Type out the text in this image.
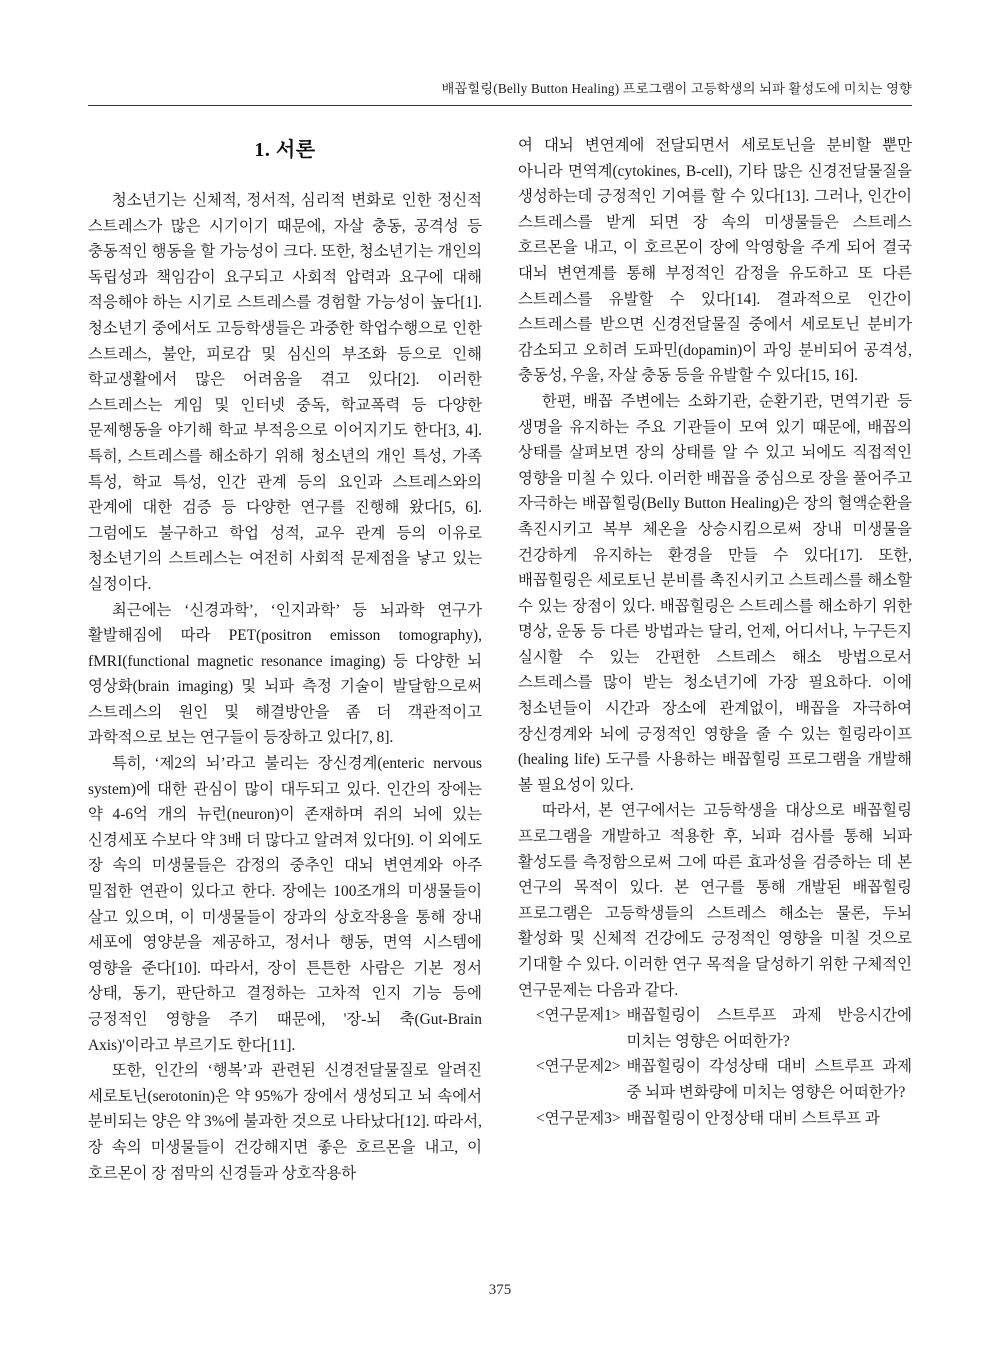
배꼽힐링(Belly Button Healing) 프로그램이 고등학생의 뇌파 활성도에 미치는 영향
1. 서론

청소년기는 신체적, 정서적, 심리적 변화로 인한 정신적 스트레스가 많은 시기이기 때문에, 자살 충동, 공격성 등 충동적인 행동을 할 가능성이 크다. 또한, 청소년기는 개인의 독립성과 책임감이 요구되고 사회적 압력과 요구에 대해 적응해야 하는 시기로 스트레스를 경험할 가능성이 높다[1]. 청소년기 중에서도 고등학생들은 과중한 학업수행으로 인한 스트레스, 불안, 피로감 및 심신의 부조화 등으로 인해 학교생활에서 많은 어려움을 겪고 있다[2]. 이러한 스트레스는 게임 및 인터넷 중독, 학교폭력 등 다양한 문제행동을 야기해 학교 부적응으로 이어지기도 한다[3, 4]. 특히, 스트레스를 해소하기 위해 청소년의 개인 특성, 가족 특성, 학교 특성, 인간 관계 등의 요인과 스트레스와의 관계에 대한 검증 등 다양한 연구를 진행해 왔다[5, 6]. 그럼에도 불구하고 학업 성적, 교우 관계 등의 이유로 청소년기의 스트레스는 여전히 사회적 문제점을 낳고 있는 실정이다.

최근에는 ‘신경과학’, ‘인지과학’ 등 뇌과학 연구가 활발해짐에 따라 PET(positron emisson tomography), fMRI(functional magnetic resonance imaging) 등 다양한 뇌 영상화(brain imaging) 및 뇌파 측정 기술이 발달함으로써 스트레스의 원인 및 해결방안을 좀 더 객관적이고 과학적으로 보는 연구들이 등장하고 있다[7, 8].

특히, ‘제2의 뇌’라고 불리는 장신경계(enteric nervous system)에 대한 관심이 많이 대두되고 있다. 인간의 장에는 약 4-6억 개의 뉴런(neuron)이 존재하며 쥐의 뇌에 있는 신경세포 수보다 약 3배 더 많다고 알려져 있다[9]. 이 외에도 장 속의 미생물들은 감정의 중추인 대뇌 변연계와 아주 밀접한 연관이 있다고 한다. 장에는 100조개의 미생물들이 살고 있으며, 이 미생물들이 장과의 상호작용을 통해 장내 세포에 영양분을 제공하고, 정서나 행동, 면역 시스템에 영향을 준다[10]. 따라서, 장이 튼튼한 사람은 기본 정서 상태, 동기, 판단하고 결정하는 고차적 인지 기능 등에 긍정적인 영향을 주기 때문에, '장-뇌 축(Gut-Brain Axis)'이라고 부르기도 한다[11].

또한, 인간의 ‘행복’과 관련된 신경전달물질로 알려진 세로토닌(serotonin)은 약 95%가 장에서 생성되고 뇌 속에서 분비되는 양은 약 3%에 불과한 것으로 나타났다[12]. 따라서, 장 속의 미생물들이 건강해지면 좋은 호르몬을 내고, 이 호르몬이 장 점막의 신경들과 상호작용하

여 대뇌 변연계에 전달되면서 세로토닌을 분비할 뿐만 아니라 면역계(cytokines, B-cell), 기타 많은 신경전달물질을 생성하는데 긍정적인 기여를 할 수 있다[13]. 그러나, 인간이 스트레스를 받게 되면 장 속의 미생물들은 스트레스 호르몬을 내고, 이 호르몬이 장에 악영항을 주게 되어 결국 대뇌 변연계를 통해 부정적인 감정을 유도하고 또 다른 스트레스를 유발할 수 있다[14]. 결과적으로 인간이 스트레스를 받으면 신경전달물질 중에서 세로토닌 분비가 감소되고 오히려 도파민(dopamin)이 과잉 분비되어 공격성, 충동성, 우울, 자살 충동 등을 유발할 수 있다[15, 16].

한편, 배꼽 주변에는 소화기관, 순환기관, 면역기관 등 생명을 유지하는 주요 기관들이 모여 있기 때문에, 배꼽의 상태를 살펴보면 장의 상태를 알 수 있고 뇌에도 직접적인 영향을 미칠 수 있다. 이러한 배꼽을 중심으로 장을 풀어주고 자극하는 배꼽힐링(Belly Button Healing)은 장의 혈액순환을 촉진시키고 복부 체온을 상승시킴으로써 장내 미생물을 건강하게 유지하는 환경을 만들 수 있다[17]. 또한, 배꼽힐링은 세로토닌 분비를 촉진시키고 스트레스를 해소할 수 있는 장점이 있다. 배꼽힐링은 스트레스를 해소하기 위한 명상, 운동 등 다른 방법과는 달리, 언제, 어디서나, 누구든지 실시할 수 있는 간편한 스트레스 해소 방법으로서 스트레스를 많이 받는 청소년기에 가장 필요하다. 이에 청소년들이 시간과 장소에 관계없이, 배꼽을 자극하여 장신경계와 뇌에 긍정적인 영향을 줄 수 있는 힐링라이프(healing life) 도구를 사용하는 배꼽힐링 프로그램을 개발해 볼 필요성이 있다.

따라서, 본 연구에서는 고등학생을 대상으로 배꼽힐링 프로그램을 개발하고 적용한 후, 뇌파 검사를 통해 뇌파 활성도를 측정함으로써 그에 따른 효과성을 검증하는 데 본 연구의 목적이 있다. 본 연구를 통해 개발된 배꼽힐링 프로그램은 고등학생들의 스트레스 해소는 물론, 두뇌 활성화 및 신체적 건강에도 긍정적인 영향을 미칠 것으로 기대할 수 있다. 이러한 연구 목적을 달성하기 위한 구체적인 연구문제는 다음과 같다.

<연구문제1> 배꼽힐링이 스트루프 과제 반응시간에 미치는 영향은 어떠한가?
<연구문제2> 배꼽힐링이 각성상태 대비 스트루프 과제 중 뇌파 변화량에 미치는 영향은 어떠한가?
<연구문제3> 배꼽힐링이 안정상태 대비 스트루프 과
375
